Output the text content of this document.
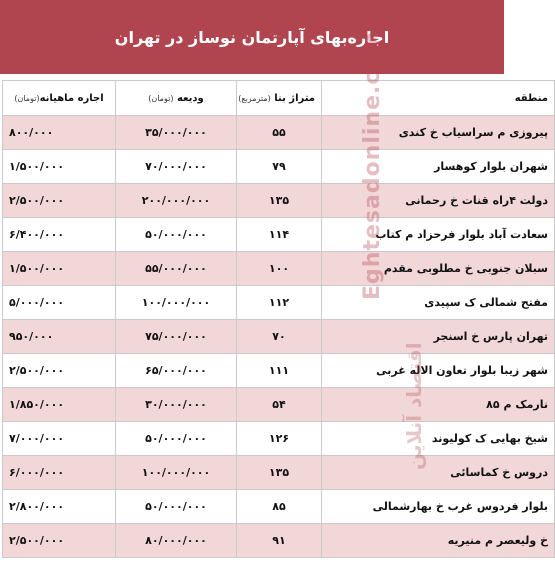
اجاره‌بهای آپارتمان نوساز در تهران
منطقه	متراژ بنا (مترمربع)	ودیعه (تومان)	اجاره ماهیانه(تومان)
پیروزی م سراسیاب خ کندی	۵۵	۳۵/۰۰۰/۰۰۰	۸۰۰/۰۰۰
شهران بلوار کوهسار	۷۹	۷۰/۰۰۰/۰۰۰	۱/۵۰۰/۰۰۰
دولت ۴راه قنات خ رحمانی	۱۳۵	۲۰۰/۰۰۰/۰۰۰	۲/۵۰۰/۰۰۰
سعادت آباد بلوار فرحزاد م کتاب	۱۱۴	۵۰/۰۰۰/۰۰۰	۶/۴۰۰/۰۰۰
سبلان جنوبی خ مطلوبی مقدم	۱۰۰	۵۵/۰۰۰/۰۰۰	۱/۵۰۰/۰۰۰
مفتح شمالی ک سپیدی	۱۱۲	۱۰۰/۰۰۰/۰۰۰	۵/۰۰۰/۰۰۰
تهران پارس خ اسنجر	۷۰	۷۵/۰۰۰/۰۰۰	۹۵۰/۰۰۰
شهر زیبا بلوار تعاون الاله غربی	۱۱۱	۶۵/۰۰۰/۰۰۰	۲/۵۰۰/۰۰۰
نارمک م ۸۵	۵۴	۳۰/۰۰۰/۰۰۰	۱/۸۵۰/۰۰۰
شیخ بهایی ک کولیوند	۱۲۶	۵۰/۰۰۰/۰۰۰	۷/۰۰۰/۰۰۰
دروس خ کماسائی	۱۳۵	۱۰۰/۰۰۰/۰۰۰	۶/۰۰۰/۰۰۰
بلوار فردوس غرب خ بهارشمالی	۸۵	۵۰/۰۰۰/۰۰۰	۲/۸۰۰/۰۰۰
خ ولیعصر م منیریه	۹۱	۸۰/۰۰۰/۰۰۰	۲/۵۰۰/۰۰۰
Eghtesadonline.com
اقتصاد آنلاین
